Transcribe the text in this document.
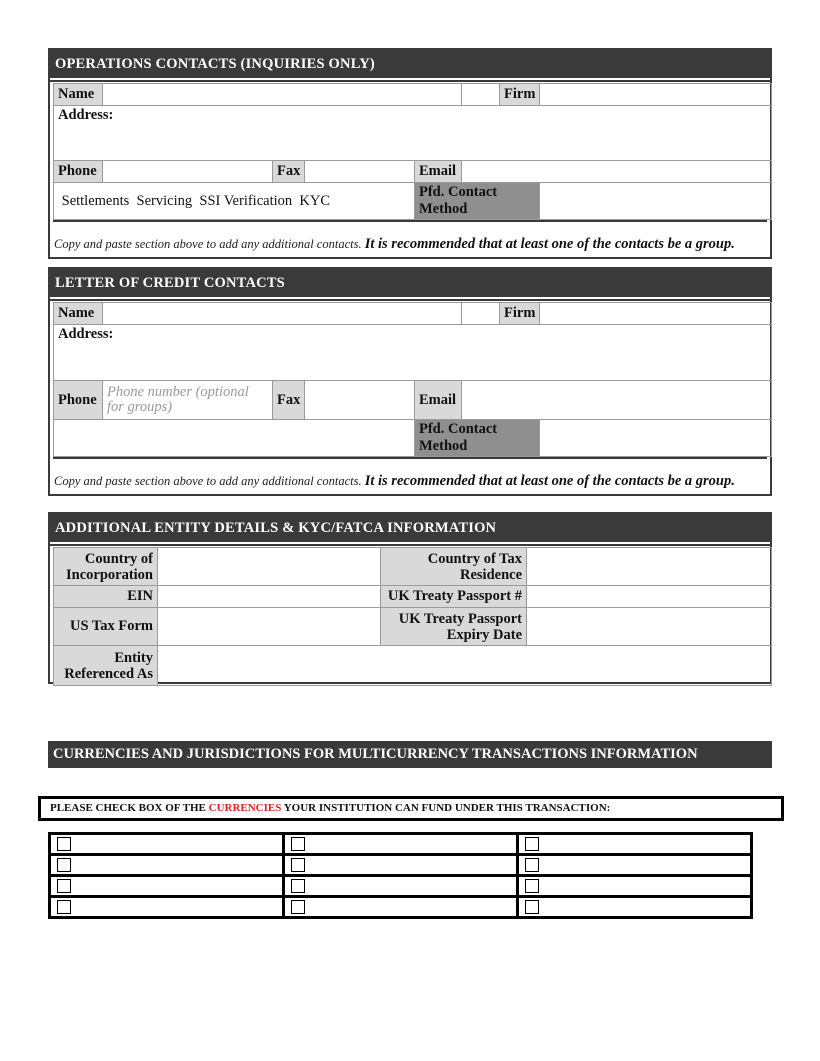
OPERATIONS CONTACTS (INQUIRIES ONLY)
Name						Firm	
Address:							
Phone		Fax		Email			
Settlements Servicing SSI Verification KYC				Pfd. Contact Method			
Copy and paste section above to add any additional contacts. It is recommended that at least one of the contacts be a group.
LETTER OF CREDIT CONTACTS
Name						Firm	
Address:							
Phone	Phone number (optional for groups)	Fax		Email			
				Pfd. Contact Method			
Copy and paste section above to add any additional contacts. It is recommended that at least one of the contacts be a group.
ADDITIONAL ENTITY DETAILS & KYC/FATCA INFORMATION
Country of Incorporation		Country of Tax Residence	
EIN		UK Treaty Passport #	
US Tax Form		UK Treaty Passport Expiry Date	
Entity Referenced As			
CURRENCIES AND JURISDICTIONS FOR MULTICURRENCY TRANSACTIONS INFORMATION
PLEASE CHECK BOX OF THE CURRENCIES YOUR INSTITUTION CAN FUND UNDER THIS TRANSACTION:
